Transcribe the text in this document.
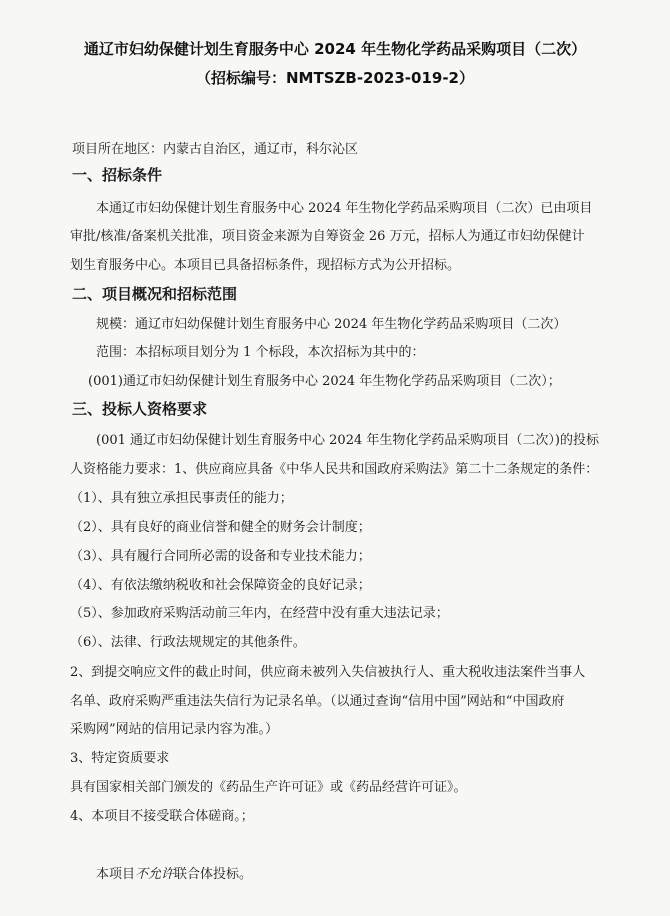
通辽市妇幼保健计划生育服务中心 2024 年生物化学药品采购项目（二次）
（招标编号：NMTSZB-2023-019-2）
项目所在地区：内蒙古自治区，通辽市，科尔沁区
一、招标条件
本通辽市妇幼保健计划生育服务中心 2024 年生物化学药品采购项目（二次）已由项目
审批/核准/备案机关批准，项目资金来源为自筹资金 26 万元，招标人为通辽市妇幼保健计
划生育服务中心。本项目已具备招标条件，现招标方式为公开招标。
二、项目概况和招标范围
规模：通辽市妇幼保健计划生育服务中心 2024 年生物化学药品采购项目（二次）
范围：本招标项目划分为 1 个标段，本次招标为其中的：
(001)通辽市妇幼保健计划生育服务中心 2024 年生物化学药品采购项目（二次）；
三、投标人资格要求
(001 通辽市妇幼保健计划生育服务中心 2024 年生物化学药品采购项目（二次）)的投标
人资格能力要求：1、供应商应具备《中华人民共和国政府采购法》第二十二条规定的条件：
（1）、具有独立承担民事责任的能力；
（2）、具有良好的商业信誉和健全的财务会计制度；
（3）、具有履行合同所必需的设备和专业技术能力；
（4）、有依法缴纳税收和社会保障资金的良好记录；
（5）、参加政府采购活动前三年内，在经营中没有重大违法记录；
（6）、法律、行政法规规定的其他条件。
2、到提交响应文件的截止时间，供应商未被列入失信被执行人、重大税收违法案件当事人
名单、政府采购严重违法失信行为记录名单。（以通过查询“信用中国”网站和“中国政府
采购网”网站的信用记录内容为准。）
3、特定资质要求
具有国家相关部门颁发的《药品生产许可证》或《药品经营许可证》。
4、本项目不接受联合体磋商。；
本项目不允许联合体投标。
